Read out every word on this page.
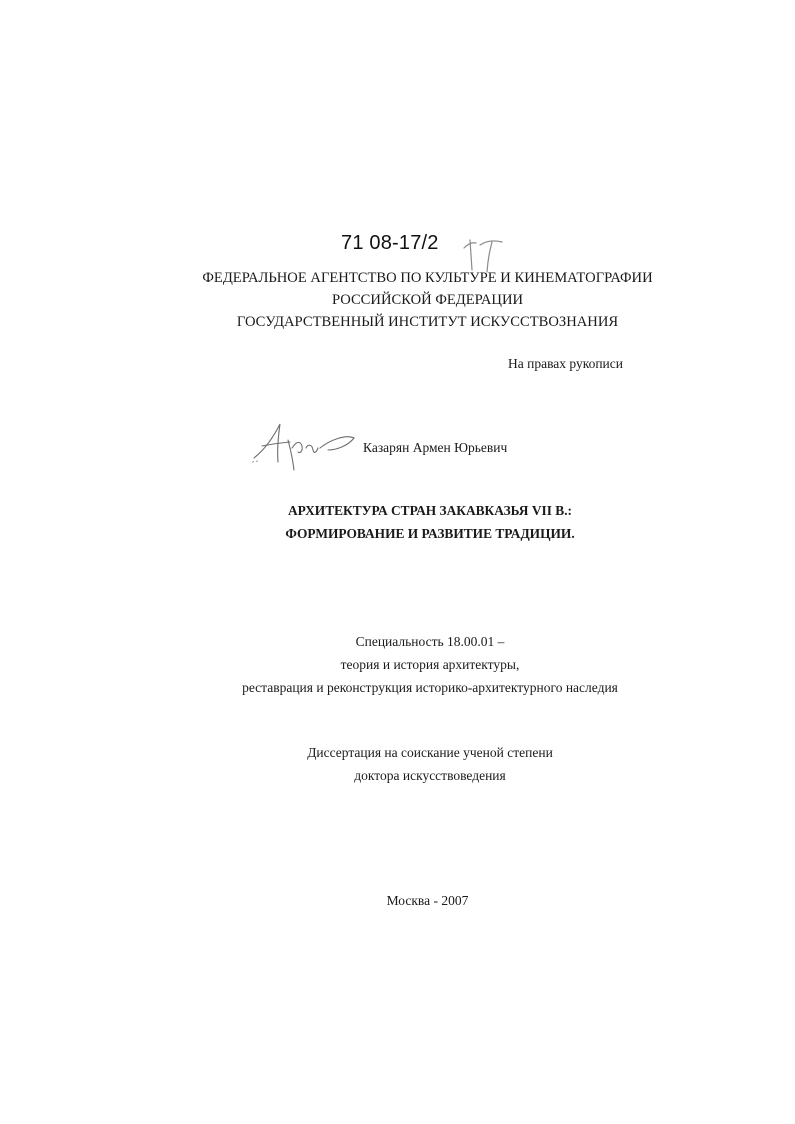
71 08-17/2
ФЕДЕРАЛЬНОЕ АГЕНТСТВО ПО КУЛЬТУРЕ И КИНЕМАТОГРАФИИ
РОССИЙСКОЙ ФЕДЕРАЦИИ
ГОСУДАРСТВЕННЫЙ ИНСТИТУТ ИСКУССТВОЗНАНИЯ
На правах рукописи
Казарян Армен Юрьевич
АРХИТЕКТУРА СТРАН ЗАКАВКАЗЬЯ VII В.:
ФОРМИРОВАНИЕ И РАЗВИТИЕ ТРАДИЦИИ.
Специальность 18.00.01 –
теория и история архитектуры,
реставрация и реконструкция историко-архитектурного наследия
Диссертация на соискание ученой степени
доктора искусствоведения
Москва - 2007
